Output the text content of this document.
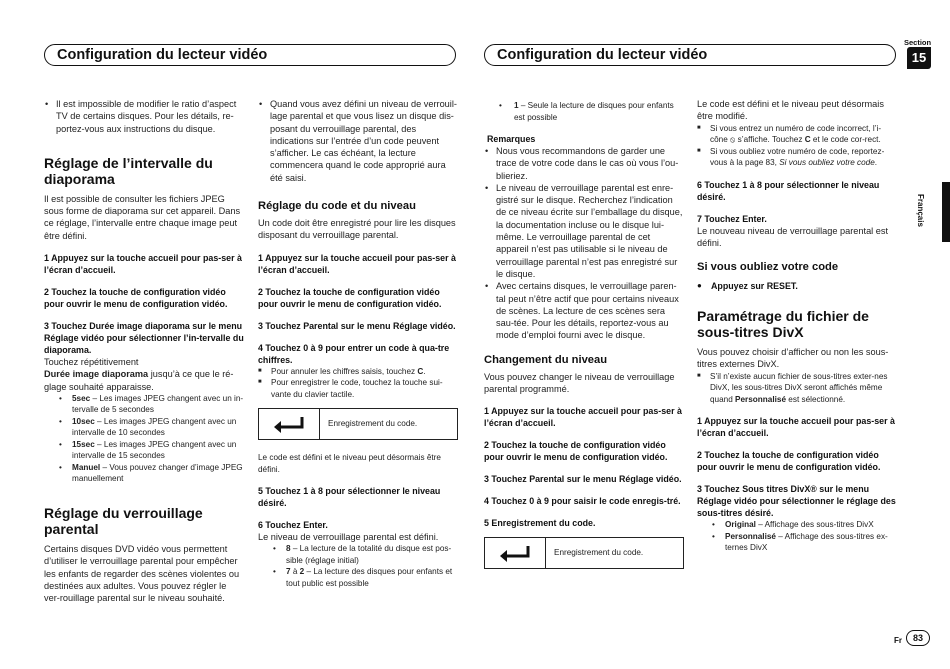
Configuration du lecteur vidéo	Configuration du lecteur vidéo
Section
15
Français

• Il est impossible de modifier le ratio d’aspect TV de certains disques. Pour les détails, re-portez-vous aux instructions du disque.

Réglage de l’intervalle du diaporama

Il est possible de consulter les fichiers JPEG sous forme de diaporama sur cet appareil. Dans ce réglage, l’intervalle entre chaque image peut être défini.

1 Appuyez sur la touche accueil pour pas-ser à l’écran d’accueil.

2 Touchez la touche de configuration vidéo pour ouvrir le menu de configuration vidéo.

3 Touchez Durée image diaporama sur le menu Réglage vidéo pour sélectionner l’in-tervalle du diaporama.

Touchez répétitivement

Durée image diaporama jusqu’à ce que le ré-glage souhaité apparaisse.

• 5sec – Les images JPEG changent avec un in-tervalle de 5 secondes

• 10sec – Les images JPEG changent avec un intervalle de 10 secondes

• 15sec – Les images JPEG changent avec un intervalle de 15 secondes

• Manuel – Vous pouvez changer d’image JPEG manuellement

Réglage du verrouillage parental

Certains disques DVD vidéo vous permettent d’utiliser le verrouillage parental pour empêcher les enfants de regarder des scènes violentes ou destinées aux adultes. Vous pouvez régler le ver-rouillage parental sur le niveau souhaité.

• Quand vous avez défini un niveau de verrouil-lage parental et que vous lisez un disque dis-posant du verrouillage parental, des indications sur l’entrée d’un code peuvent s’afficher. Le cas échéant, la lecture commencera quand le code approprié aura été saisi.

Réglage du code et du niveau

Un code doit être enregistré pour lire les disques disposant du verrouillage parental.

1 Appuyez sur la touche accueil pour pas-ser à l’écran d’accueil.

2 Touchez la touche de configuration vidéo pour ouvrir le menu de configuration vidéo.

3 Touchez Parental sur le menu Réglage vidéo.

4 Touchez 0 à 9 pour entrer un code à qua-tre chiffres.

■ Pour annuler les chiffres saisis, touchez C.

■ Pour enregistrer le code, touchez la touche sui-vante du clavier tactile.

Enregistrement du code.

Le code est défini et le niveau peut désormais être défini.

5 Touchez 1 à 8 pour sélectionner le niveau désiré.

6 Touchez Enter.

Le niveau de verrouillage parental est défini.

• 8 – La lecture de la totalité du disque est pos-sible (réglage initial)

• 7 à 2 – La lecture des disques pour enfants et tout public est possible

• 1 – Seule la lecture de disques pour enfants est possible

Remarques

• Nous vous recommandons de garder une trace de votre code dans le cas où vous l’ou-blieriez.

• Le niveau de verrouillage parental est enre-gistré sur le disque. Recherchez l’indication de ce niveau écrite sur l’emballage du disque, la documentation incluse ou le disque lui-même. Le verrouillage parental de cet appareil n’est pas utilisable si le niveau de verrouillage parental n’est pas enregistré sur le disque.

• Avec certains disques, le verrouillage paren-tal peut n’être actif que pour certains niveaux de scènes. La lecture de ces scènes sera sau-tée. Pour les détails, reportez-vous au mode d’emploi fourni avec le disque.

Changement du niveau

Vous pouvez changer le niveau de verrouillage parental programmé.

1 Appuyez sur la touche accueil pour pas-ser à l’écran d’accueil.

2 Touchez la touche de configuration vidéo pour ouvrir le menu de configuration vidéo.

3 Touchez Parental sur le menu Réglage vidéo.

4 Touchez 0 à 9 pour saisir le code enregis-tré.

5 Enregistrement du code.

Enregistrement du code.

Le code est défini et le niveau peut désormais être modifié.

■ Si vous entrez un numéro de code incorrect, l’i-cône ⦸ s’affiche. Touchez C et le code cor-rect.

■ Si vous oubliez votre numéro de code, reportez-vous à la page 83, Si vous oubliez votre code.

6 Touchez 1 à 8 pour sélectionner le niveau désiré.

7 Touchez Enter.

Le nouveau niveau de verrouillage parental est défini.

Si vous oubliez votre code

● Appuyez sur RESET.

Paramétrage du fichier de sous-titres DivX

Vous pouvez choisir d’afficher ou non les sous-titres externes DivX.

■ S’il n’existe aucun fichier de sous-titres exter-nes DivX, les sous-titres DivX seront affichés même quand Personnalisé est sélectionné.

1 Appuyez sur la touche accueil pour pas-ser à l’écran d’accueil.

2 Touchez la touche de configuration vidéo pour ouvrir le menu de configuration vidéo.

3 Touchez Sous titres DivX® sur le menu Réglage vidéo pour sélectionner le réglage des sous-titres désiré.

• Original – Affichage des sous-titres DivX

• Personnalisé – Affichage des sous-titres ex-ternes DivX

Fr	83
